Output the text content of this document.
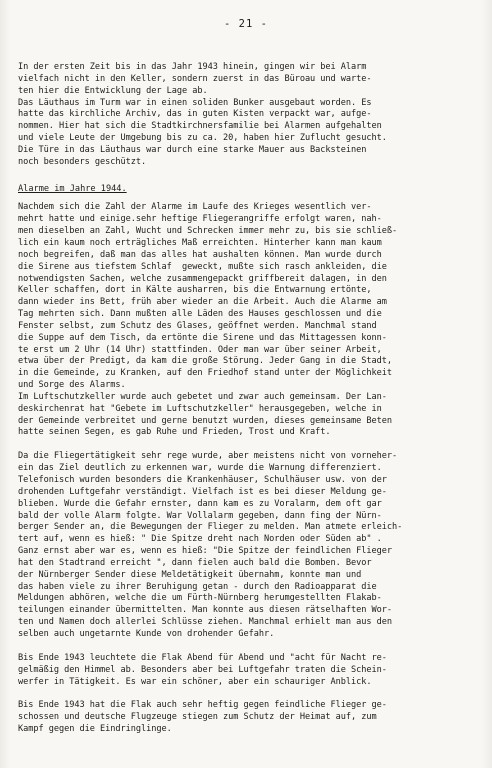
- 21 -
In der ersten Zeit bis in das Jahr 1943 hinein, gingen wir bei Alarm
vielfach nicht in den Keller, sondern zuerst in das Büroau und warte-
ten hier die Entwicklung der Lage ab.
Das Läuthaus im Turm war in einen soliden Bunker ausgebaut worden. Es
hatte das kirchliche Archiv, das in guten Kisten verpackt war, aufge-
nommen. Hier hat sich die Stadtkirchnersfamilie bei Alarmen aufgehalten
und viele Leute der Umgebung bis zu ca. 20, haben hier Zuflucht gesucht.
Die Türe in das Läuthaus war durch eine starke Mauer aus Backsteinen
noch besonders geschützt.
Alarme im Jahre 1944.
Nachdem sich die Zahl der Alarme im Laufe des Krieges wesentlich ver-
mehrt hatte und einige.sehr heftige Fliegerangriffe erfolgt waren, nah-
men dieselben an Zahl, Wucht und Schrecken immer mehr zu, bis sie schließ-
lich ein kaum noch erträgliches Maß erreichten. Hinterher kann man kaum
noch begreifen, daß man das alles hat aushalten können. Man wurde durch
die Sirene aus tiefstem Schlaf  geweckt, mußte sich rasch ankleiden, die
notwendigsten Sachen, welche zusammengepackt griffbereit dalagen, in den
Keller schaffen, dort in Kälte ausharren, bis die Entwarnung ertönte,
dann wieder ins Bett, früh aber wieder an die Arbeit. Auch die Alarme am
Tag mehrten sich. Dann mußten alle Läden des Hauses geschlossen und die
Fenster selbst, zum Schutz des Glases, geöffnet werden. Manchmal stand
die Suppe auf dem Tisch, da ertönte die Sirene und das Mittagessen konn-
te erst um 2 Uhr (14 Uhr) stattfinden. Oder man war über seiner Arbeit,
etwa über der Predigt, da kam die große Störung. Jeder Gang in die Stadt,
in die Gemeinde, zu Kranken, auf den Friedhof stand unter der Möglichkeit
und Sorge des Alarms.
Im Luftschutzkeller wurde auch gebetet und zwar auch gemeinsam. Der Lan-
deskirchenrat hat "Gebete im Luftschutzkeller" herausgegeben, welche in
der Gemeinde verbreitet und gerne benutzt wurden, dieses gemeinsame Beten
hatte seinen Segen, es gab Ruhe und Frieden, Trost und Kraft.
Da die Fliegertätigkeit sehr rege wurde, aber meistens nicht von vorneher-
ein das Ziel deutlich zu erkennen war, wurde die Warnung differenziert.
Telefonisch wurden besonders die Krankenhäuser, Schulhäuser usw. von der
drohenden Luftgefahr verständigt. Vielfach ist es bei dieser Meldung ge-
blieben. Wurde die Gefahr ernster, dann kam es zu Voralarm, dem oft gar
bald der volle Alarm folgte. War Vollalarm gegeben, dann fing der Nürn-
berger Sender an, die Bewegungen der Flieger zu melden. Man atmete erleich-
tert auf, wenn es hieß: " Die Spitze dreht nach Norden oder Süden ab" .
Ganz ernst aber war es, wenn es hieß: "Die Spitze der feindlichen Flieger
hat den Stadtrand erreicht ", dann fielen auch bald die Bomben. Bevor
der Nürnberger Sender diese Meldetätigkeit übernahm, konnte man und
das haben viele zu ihrer Beruhigung getan - durch den Radioapparat die
Meldungen abhören, welche die um Fürth-Nürnberg herumgestellten Flakab-
teilungen einander übermittelten. Man konnte aus diesen rätselhaften Wor-
ten und Namen doch allerlei Schlüsse ziehen. Manchmal erhielt man aus den
selben auch ungetarnte Kunde von drohender Gefahr.
Bis Ende 1943 leuchtete die Flak Abend für Abend und "acht für Nacht re-
gelmäßig den Himmel ab. Besonders aber bei Luftgefahr traten die Schein-
werfer in Tätigkeit. Es war ein schöner, aber ein schauriger Anblick.
Bis Ende 1943 hat die Flak auch sehr heftig gegen feindliche Flieger ge-
schossen und deutsche Flugzeuge stiegen zum Schutz der Heimat auf, zum
Kampf gegen die Eindringlinge.
